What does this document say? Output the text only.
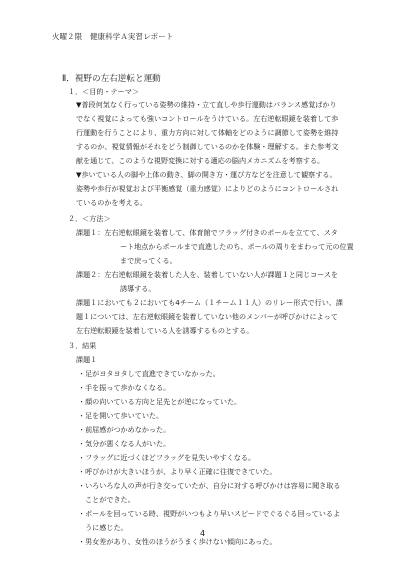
火曜２限　健康科学Ａ実習レポート
Ⅱ．視野の左右逆転と運動
１．＜目的・テーマ＞
▼普段何気なく行っている姿勢の維持・立て直しや歩行運動はバランス感覚ばかり
でなく視覚によっても強いコントロールをうけている。左右逆転眼鏡を装着して歩
行運動を行うことにより、重力方向に対して体軸をどのように調節して姿勢を維持
するのか、視覚情報がそれをどう制御しているのかを体験・理解する。また参考文
献を通じて、このような視野変換に対する適応の脳内メカニズムを考察する。
▼歩いている人の脚や上体の動き、脚の開き方・運び方などを注意して観察する。
姿勢や歩行が視覚および平衡感覚（重力感覚）によりどのようにコントロールされ
ているのかを考える。
２．＜方法＞
課題１：左右逆転眼鏡を装着して、体育館でフラッグ付きのポールを立てて、スタ
ート地点からポールまで直進したのち、ポールの周りをまわって元の位置
まで戻ってくる。
課題２：左右逆転眼鏡を装着した人を、装着していない人が課題１と同じコースを
誘導する。
課題１においても２においても4チーム（１チーム１１人）のリレー形式で行い、課
題１については、左右逆転眼鏡を装着していない他のメンバーが呼びかけによって
左右逆転眼鏡を装着している人を誘導するものとする。
３．結果
課題１
・足がヨタヨタして直進できていなかった。
・手を振って歩かなくなる。
・顔の向いている方向と足先とが逆になっていた。
・足を開いて歩いていた。
・前屈感がつかめなかった。
・気分が悪くなる人がいた。
・フラッグに近づくほどフラッグを見失いやすくなる。
・呼びかけが大きいほうが、より早く正確に往復できていた。
・いろいろな人の声が行き交っていたが、自分に対する呼びかけは容易に聞き取る
　ことができた。
・ポールを回っている時、視野がいつもより早いスピードでぐるぐる回っているよ
　うに感じた。
・男女差があり、女性のほうがうまく歩けない傾向にあった。
4
